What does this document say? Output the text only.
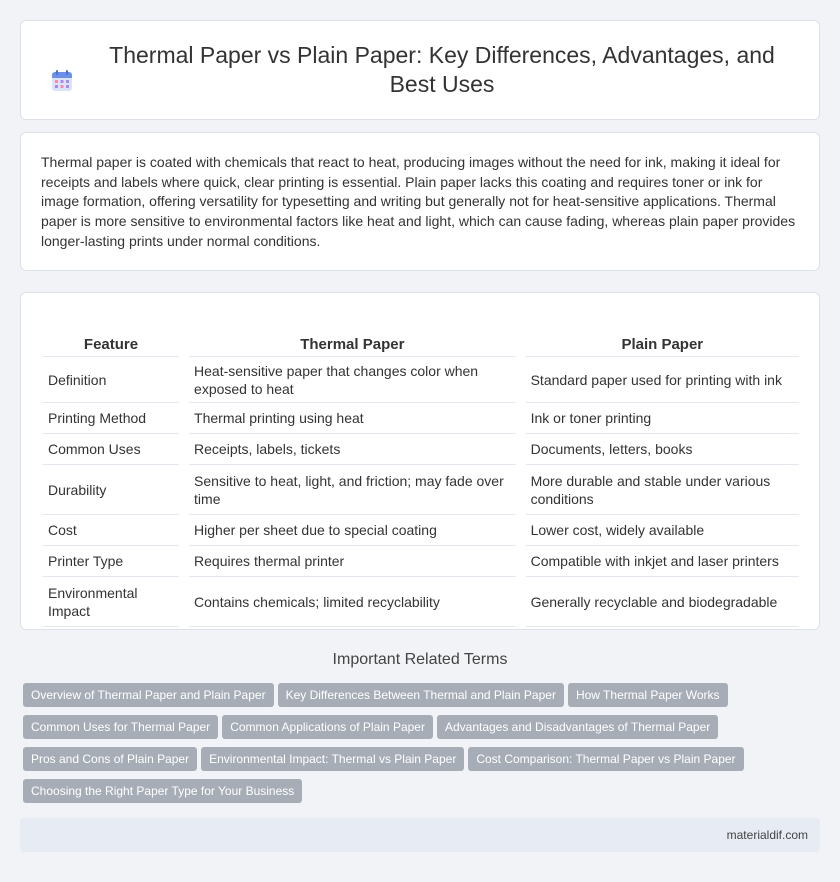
Thermal Paper vs Plain Paper: Key Differences, Advantages, and Best Uses

Thermal paper is coated with chemicals that react to heat, producing images without the need for ink, making it ideal for receipts and labels where quick, clear printing is essential. Plain paper lacks this coating and requires toner or ink for image formation, offering versatility for typesetting and writing but generally not for heat-sensitive applications. Thermal paper is more sensitive to environmental factors like heat and light, which can cause fading, whereas plain paper provides longer-lasting prints under normal conditions.

Feature		Thermal Paper		Plain Paper
Definition		Heat-sensitive paper that changes color when exposed to heat		Standard paper used for printing with ink
Printing Method		Thermal printing using heat		Ink or toner printing
Common Uses		Receipts, labels, tickets		Documents, letters, books
Durability		Sensitive to heat, light, and friction; may fade over time		More durable and stable under various conditions
Cost		Higher per sheet due to special coating		Lower cost, widely available
Printer Type		Requires thermal printer		Compatible with inkjet and laser printers
Environmental Impact		Contains chemicals; limited recyclability		Generally recyclable and biodegradable
Important Related Terms
Overview of Thermal Paper and Plain Paper Key Differences Between Thermal and Plain Paper How Thermal Paper WorksCommon Uses for Thermal Paper Common Applications of Plain Paper Advantages and Disadvantages of Thermal PaperPros and Cons of Plain Paper Environmental Impact: Thermal vs Plain Paper Cost Comparison: Thermal Paper vs Plain PaperChoosing the Right Paper Type for Your Business
materialdif.com
